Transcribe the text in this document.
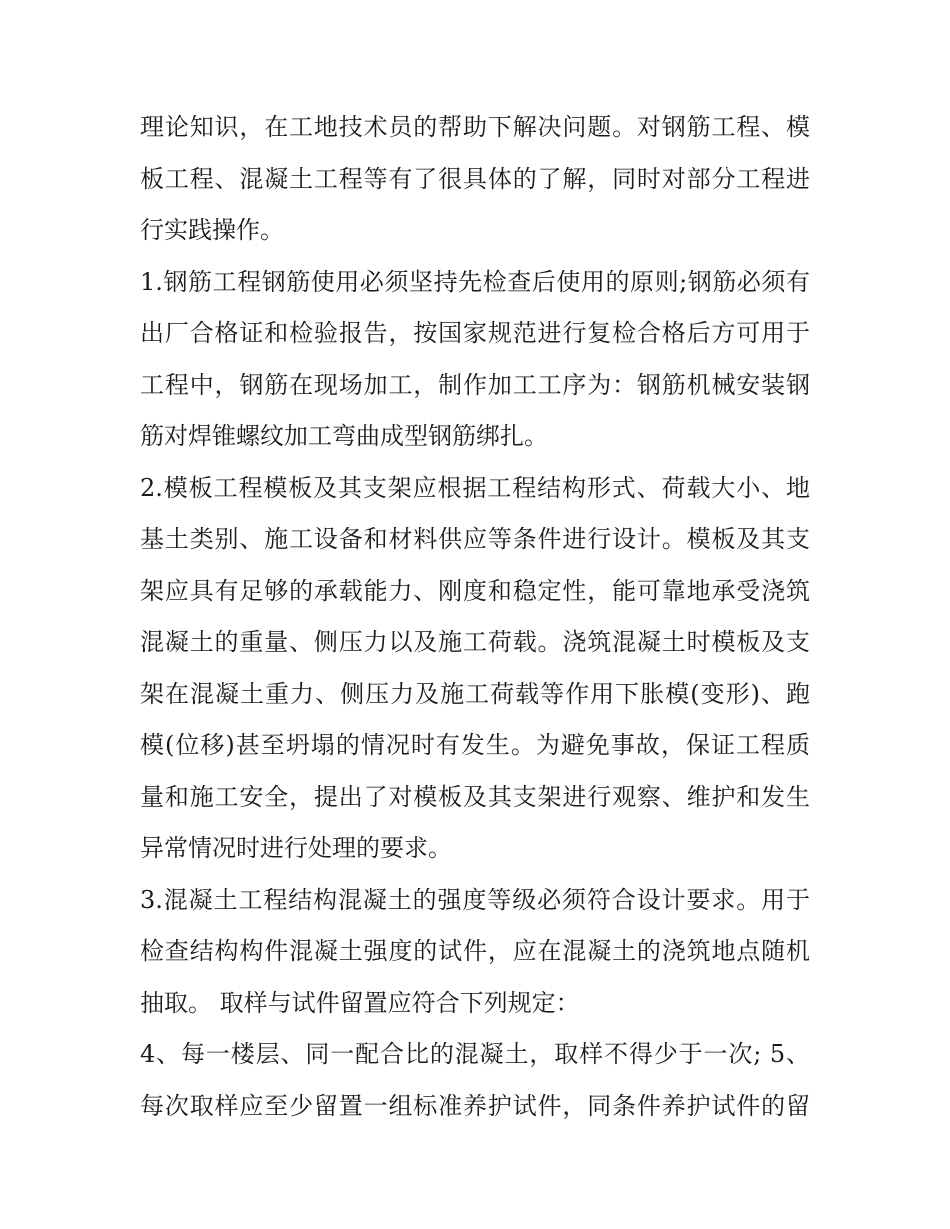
理论知识，在工地技术员的帮助下解决问题。对钢筋工程、模
板工程、混凝土工程等有了很具体的了解，同时对部分工程进
行实践操作。
1.钢筋工程钢筋使用必须坚持先检查后使用的原则;钢筋必须有
出厂合格证和检验报告，按国家规范进行复检合格后方可用于
工程中，钢筋在现场加工，制作加工工序为：钢筋机械安装钢
筋对焊锥螺纹加工弯曲成型钢筋绑扎。
2.模板工程模板及其支架应根据工程结构形式、荷载大小、地
基土类别、施工设备和材料供应等条件进行设计。模板及其支
架应具有足够的承载能力、刚度和稳定性，能可靠地承受浇筑
混凝土的重量、侧压力以及施工荷载。浇筑混凝土时模板及支
架在混凝土重力、侧压力及施工荷载等作用下胀模(变形)、跑
模(位移)甚至坍塌的情况时有发生。为避免事故，保证工程质
量和施工安全，提出了对模板及其支架进行观察、维护和发生
异常情况时进行处理的要求。
3.混凝土工程结构混凝土的强度等级必须符合设计要求。用于
检查结构构件混凝土强度的试件，应在混凝土的浇筑地点随机
抽取。 取样与试件留置应符合下列规定：
4、每一楼层、同一配合比的混凝土，取样不得少于一次; 5、
每次取样应至少留置一组标准养护试件，同条件养护试件的留
